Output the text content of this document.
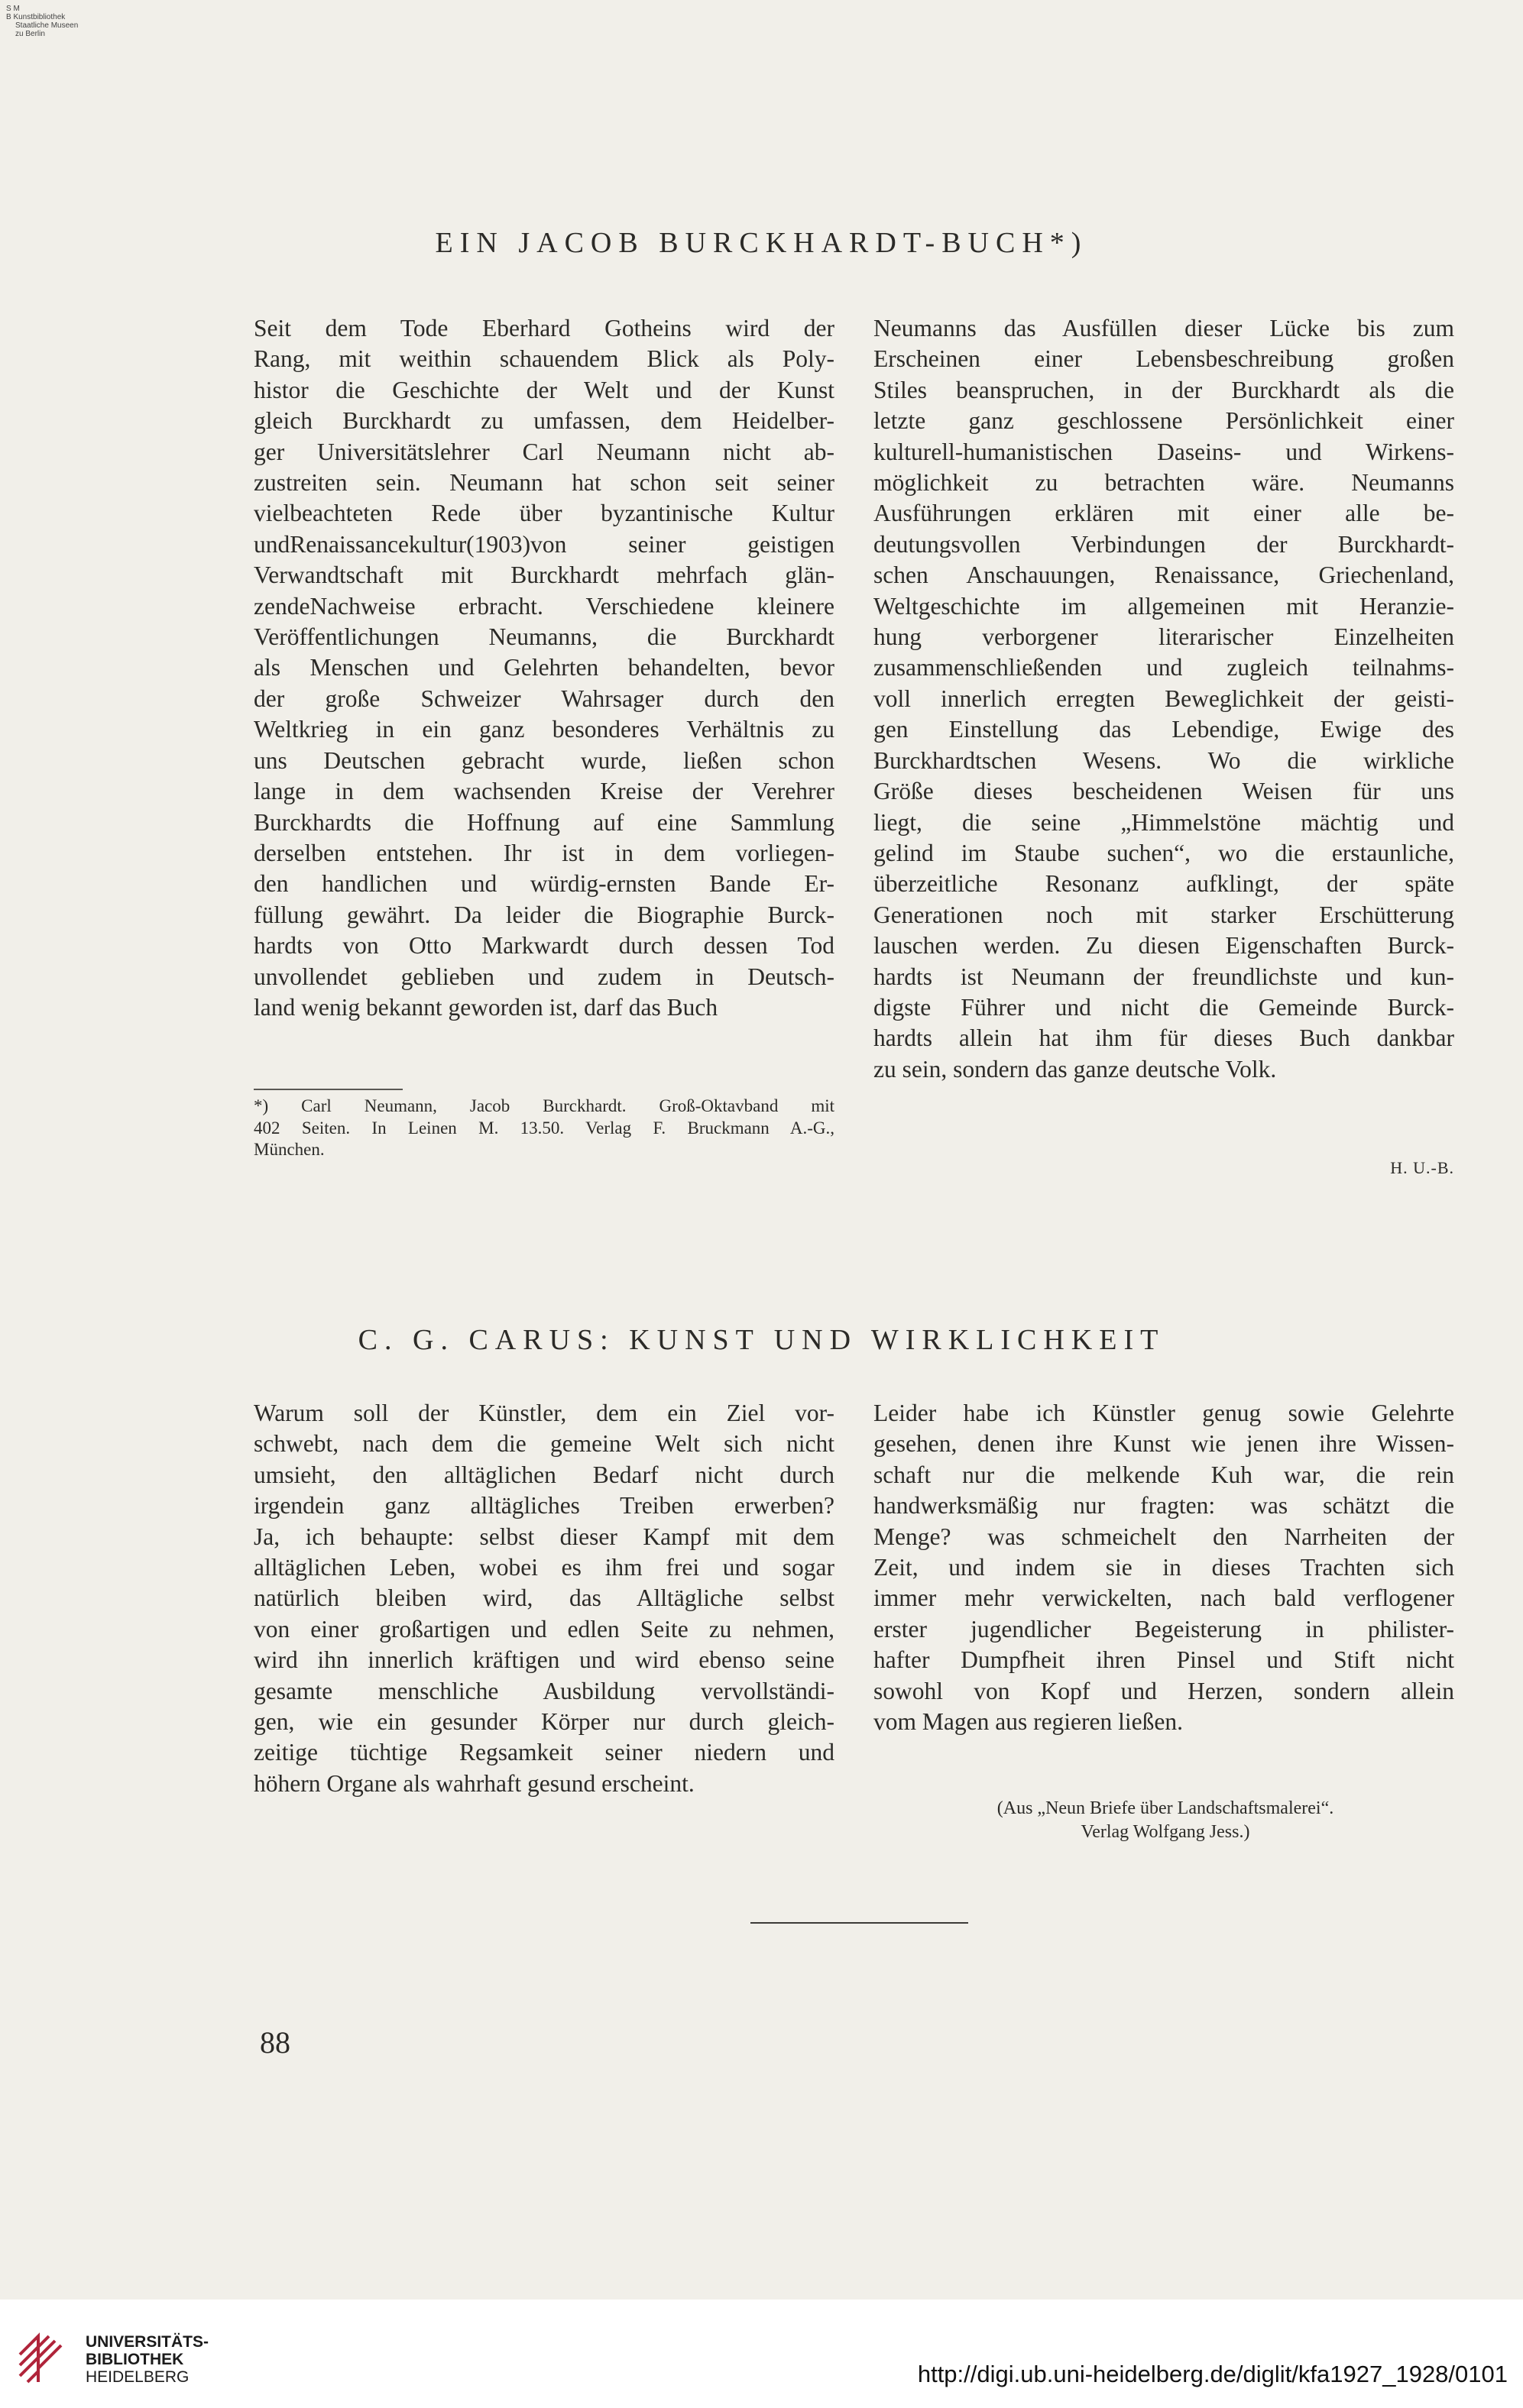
S M
B Kunstbibliothek
Staatliche Museen
zu Berlin
EIN JACOB BURCKHARDT-BUCH*)

Seit dem Tode Eberhard Gotheins wird der

Rang, mit weithin schauendem Blick als Poly-

histor die Geschichte der Welt und der Kunst

gleich Burckhardt zu umfassen, dem Heidelber-

ger Universitätslehrer Carl Neumann nicht ab-

zustreiten sein. Neumann hat schon seit seiner

vielbeachteten Rede über byzantinische Kultur

undRenaissancekultur(1903)von seiner geistigen

Verwandtschaft mit Burckhardt mehrfach glän-

zendeNachweise erbracht. Verschiedene kleinere

Veröffentlichungen Neumanns, die Burckhardt

als Menschen und Gelehrten behandelten, bevor

der große Schweizer Wahrsager durch den

Weltkrieg in ein ganz besonderes Verhältnis zu

uns Deutschen gebracht wurde, ließen schon

lange in dem wachsenden Kreise der Verehrer

Burckhardts die Hoffnung auf eine Sammlung

derselben entstehen. Ihr ist in dem vorliegen-

den handlichen und würdig-ernsten Bande Er-

füllung gewährt. Da leider die Biographie Burck-

hardts von Otto Markwardt durch dessen Tod

unvollendet geblieben und zudem in Deutsch-

land wenig bekannt geworden ist, darf das Buch

*) Carl Neumann, Jacob Burckhardt. Groß-Oktavband mit

402 Seiten. In Leinen M. 13.50. Verlag F. Bruckmann A.-G.,

München.

Neumanns das Ausfüllen dieser Lücke bis zum

Erscheinen einer Lebensbeschreibung großen

Stiles beanspruchen, in der Burckhardt als die

letzte ganz geschlossene Persönlichkeit einer

kulturell-humanistischen Daseins- und Wirkens-

möglichkeit zu betrachten wäre. Neumanns

Ausführungen erklären mit einer alle be-

deutungsvollen Verbindungen der Burckhardt-

schen Anschauungen, Renaissance, Griechenland,

Weltgeschichte im allgemeinen mit Heranzie-

hung verborgener literarischer Einzelheiten

zusammenschließenden und zugleich teilnahms-

voll innerlich erregten Beweglichkeit der geisti-

gen Einstellung das Lebendige, Ewige des

Burckhardtschen Wesens. Wo die wirkliche

Größe dieses bescheidenen Weisen für uns

liegt, die seine „Himmelstöne mächtig und

gelind im Staube suchen“, wo die erstaunliche,

überzeitliche Resonanz aufklingt, der späte

Generationen noch mit starker Erschütterung

lauschen werden. Zu diesen Eigenschaften Burck-

hardts ist Neumann der freundlichste und kun-

digste Führer und nicht die Gemeinde Burck-

hardts allein hat ihm für dieses Buch dankbar

zu sein, sondern das ganze deutsche Volk.

H. U.-B.
C. G. CARUS: KUNST UND WIRKLICHKEIT

Warum soll der Künstler, dem ein Ziel vor-

schwebt, nach dem die gemeine Welt sich nicht

umsieht, den alltäglichen Bedarf nicht durch

irgendein ganz alltägliches Treiben erwerben?

Ja, ich behaupte: selbst dieser Kampf mit dem

alltäglichen Leben, wobei es ihm frei und sogar

natürlich bleiben wird, das Alltägliche selbst

von einer großartigen und edlen Seite zu nehmen,

wird ihn innerlich kräftigen und wird ebenso seine

gesamte menschliche Ausbildung vervollständi-

gen, wie ein gesunder Körper nur durch gleich-

zeitige tüchtige Regsamkeit seiner niedern und

höhern Organe als wahrhaft gesund erscheint.

Leider habe ich Künstler genug sowie Gelehrte

gesehen, denen ihre Kunst wie jenen ihre Wissen-

schaft nur die melkende Kuh war, die rein

handwerksmäßig nur fragten: was schätzt die

Menge? was schmeichelt den Narrheiten der

Zeit, und indem sie in dieses Trachten sich

immer mehr verwickelten, nach bald verflogener

erster jugendlicher Begeisterung in philister-

hafter Dumpfheit ihren Pinsel und Stift nicht

sowohl von Kopf und Herzen, sondern allein

vom Magen aus regieren ließen.

(Aus „Neun Briefe über Landschaftsmalerei“.
Verlag Wolfgang Jess.)
88
UNIVERSITÄTS-
BIBLIOTHEK
HEIDELBERG	http://digi.ub.uni-heidelberg.de/diglit/kfa1927_1928/0101
